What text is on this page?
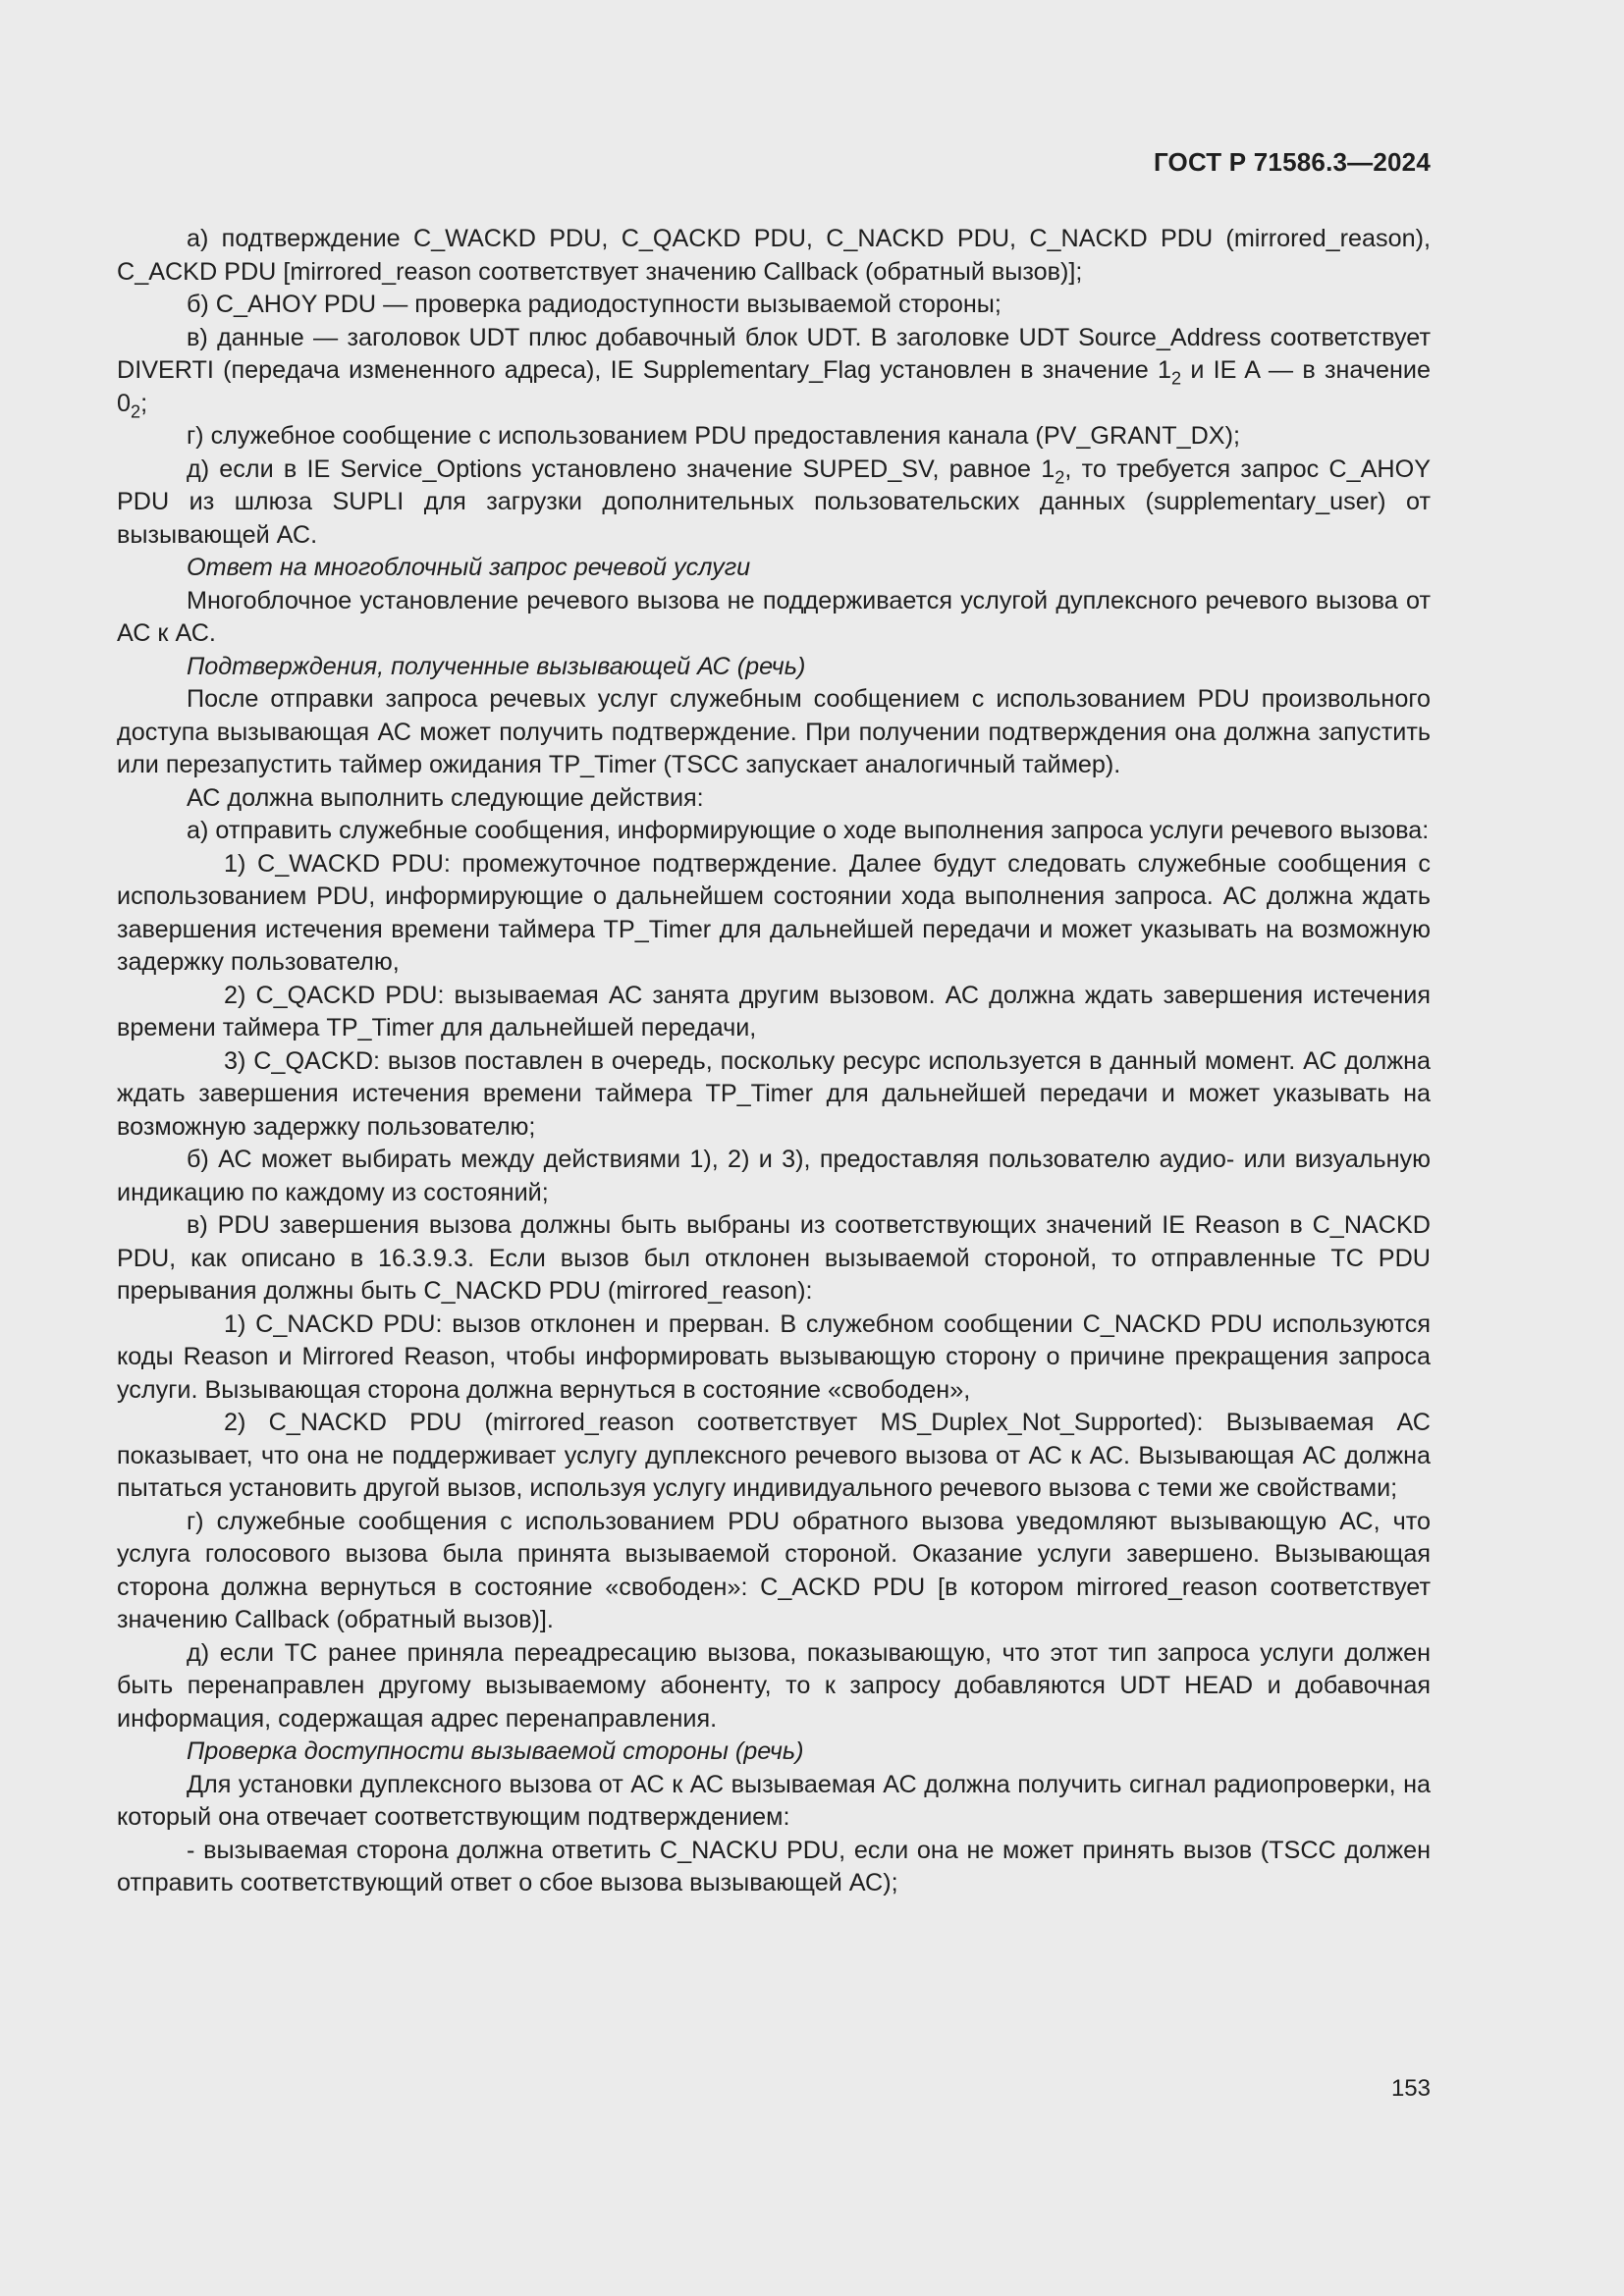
ГОСТ Р 71586.3—2024

а) подтверждение C_WACKD PDU, C_QACKD PDU, C_NACKD PDU, C_NACKD PDU (mirrored_reason), C_ACKD PDU [mirrored_reason соответствует значению Callback (обратный вызов)];

б) C_AHOY PDU — проверка радиодоступности вызываемой стороны;

в) данные — заголовок UDT плюс добавочный блок UDT. В заголовке UDT Source_Address соответствует DIVERTI (передача измененного адреса), IE Supplementary_Flag установлен в значение $1_2$ и IE A — в значение $0_2$;

г) служебное сообщение с использованием PDU предоставления канала (PV_GRANT_DX);

д) если в IE Service_Options установлено значение SUPED_SV, равное $1_2$, то требуется запрос C_AHOY PDU из шлюза SUPLI для загрузки дополнительных пользовательских данных (supplementary_user) от вызывающей АС.

Ответ на многоблочный запрос речевой услуги

Многоблочное установление речевого вызова не поддерживается услугой дуплексного речевого вызова от АС к АС.

Подтверждения, полученные вызывающей АС (речь)

После отправки запроса речевых услуг служебным сообщением с использованием PDU произвольного доступа вызывающая АС может получить подтверждение. При получении подтверждения она должна запустить или перезапустить таймер ожидания TP_Timer (TSCC запускает аналогичный таймер).

АС должна выполнить следующие действия:

а) отправить служебные сообщения, информирующие о ходе выполнения запроса услуги речевого вызова:

1) C_WACKD PDU: промежуточное подтверждение. Далее будут следовать служебные сообщения с использованием PDU, информирующие о дальнейшем состоянии хода выполнения запроса. АС должна ждать завершения истечения времени таймера TP_Timer для дальнейшей передачи и может указывать на возможную задержку пользователю,

2) C_QACKD PDU: вызываемая АС занята другим вызовом. АС должна ждать завершения истечения времени таймера TP_Timer для дальнейшей передачи,

3) C_QACKD: вызов поставлен в очередь, поскольку ресурс используется в данный момент. АС должна ждать завершения истечения времени таймера TP_Timer для дальнейшей передачи и может указывать на возможную задержку пользователю;

б) АС может выбирать между действиями 1), 2) и 3), предоставляя пользователю аудио- или визуальную индикацию по каждому из состояний;

в) PDU завершения вызова должны быть выбраны из соответствующих значений IE Reason в C_NACKD PDU, как описано в 16.3.9.3. Если вызов был отклонен вызываемой стороной, то отправленные TC PDU прерывания должны быть C_NACKD PDU (mirrored_reason):

1) C_NACKD PDU: вызов отклонен и прерван. В служебном сообщении C_NACKD PDU используются коды Reason и Mirrored Reason, чтобы информировать вызывающую сторону о причине прекращения запроса услуги. Вызывающая сторона должна вернуться в состояние «свободен»,

2) C_NACKD PDU (mirrored_reason соответствует MS_Duplex_Not_Supported): Вызываемая АС показывает, что она не поддерживает услугу дуплексного речевого вызова от АС к АС. Вызывающая АС должна пытаться установить другой вызов, используя услугу индивидуального речевого вызова с теми же свойствами;

г) служебные сообщения с использованием PDU обратного вызова уведомляют вызывающую АС, что услуга голосового вызова была принята вызываемой стороной. Оказание услуги завершено. Вызывающая сторона должна вернуться в состояние «свободен»: C_ACKD PDU [в котором mirrored_reason соответствует значению Callback (обратный вызов)].

д) если TC ранее приняла переадресацию вызова, показывающую, что этот тип запроса услуги должен быть перенаправлен другому вызываемому абоненту, то к запросу добавляются UDT HEAD и добавочная информация, содержащая адрес перенаправления.

Проверка доступности вызываемой стороны (речь)

Для установки дуплексного вызова от АС к АС вызываемая АС должна получить сигнал радиопроверки, на который она отвечает соответствующим подтверждением:

- вызываемая сторона должна ответить C_NACKU PDU, если она не может принять вызов (TSCC должен отправить соответствующий ответ о сбое вызова вызывающей АС);

153
